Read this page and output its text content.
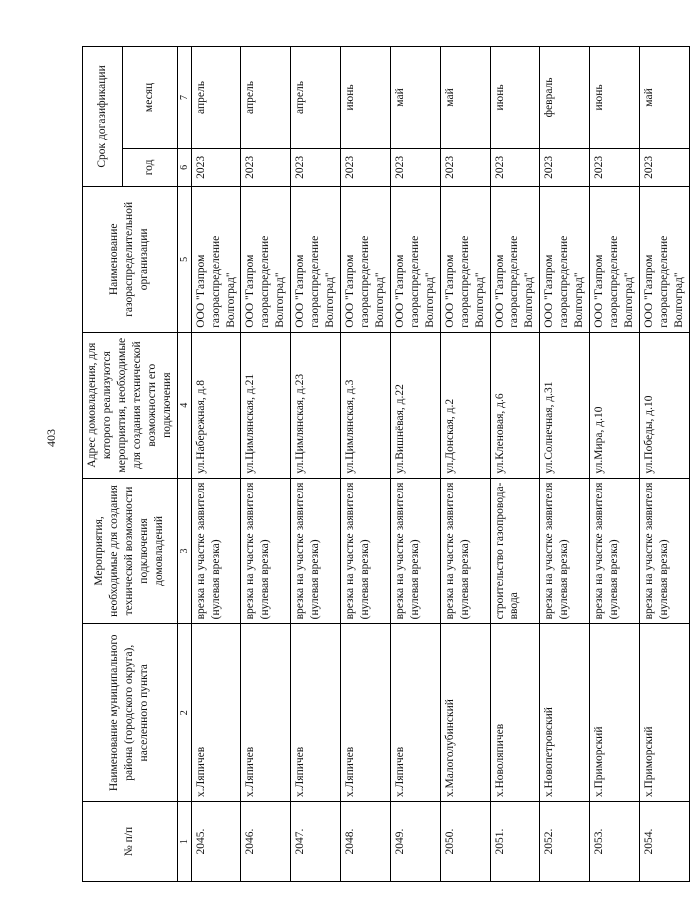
403
№ п/п	Наименование муниципального района (городского округа), населенного пункта	Мероприятия, необходимые для создания технической возможности подключения домовладений	Адрес домовладения, для которого реализуются мероприятия, необходимые для создания технической возможности его подключения	Наименование газораспределительной организации	Срок догазификации	
					год	месяц
1	2	3	4	5	6	7
2045.	х.Ляпичев	врезка на участке заявителя (нулевая врезка)	ул.Набережная, д.8	ООО "Газпром газораспределение Волгоград"	2023	апрель
2046.	х.Ляпичев	врезка на участке заявителя (нулевая врезка)	ул.Цимлянская, д.21	ООО "Газпром газораспределение Волгоград"	2023	апрель
2047.	х.Ляпичев	врезка на участке заявителя (нулевая врезка)	ул.Цимлянская, д.23	ООО "Газпром газораспределение Волгоград"	2023	апрель
2048.	х.Ляпичев	врезка на участке заявителя (нулевая врезка)	ул.Цимлянская, д.3	ООО "Газпром газораспределение Волгоград"	2023	июнь
2049.	х.Ляпичев	врезка на участке заявителя (нулевая врезка)	ул.Вишнёвая, д.22	ООО "Газпром газораспределение Волгоград"	2023	май
2050.	х.Малоголубинский	врезка на участке заявителя (нулевая врезка)	ул.Донская, д.2	ООО "Газпром газораспределение Волгоград"	2023	май
2051.	х.Новоляпичев	строительство газопровода-ввода	ул.Кленовая, д.6	ООО "Газпром газораспределение Волгоград"	2023	июнь
2052.	х.Новопетровский	врезка на участке заявителя (нулевая врезка)	ул.Солнечная, д.31	ООО "Газпром газораспределение Волгоград"	2023	февраль
2053.	х.Приморский	врезка на участке заявителя (нулевая врезка)	ул.Мира, д.10	ООО "Газпром газораспределение Волгоград"	2023	июнь
2054.	х.Приморский	врезка на участке заявителя (нулевая врезка)	ул.Победы, д.10	ООО "Газпром газораспределение Волгоград"	2023	май
